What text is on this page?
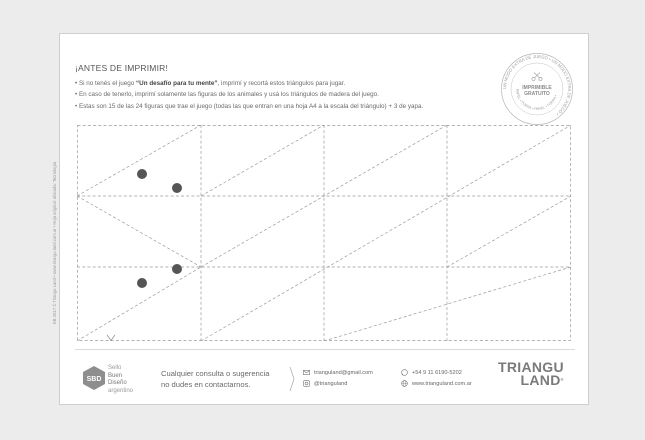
¡ANTES DE IMPRIMIR!
• Si no tenés el juego “Un desafío para tu mente”, imprimí y recortá estos triángulos para jugar.
• En caso de tenerlo, imprimí solamente las figuras de los animales y usá los triángulos de madera del juego.
• Estas son 15 de las 24 figuras que trae el juego (todas las que entran en una hoja A4 a la escala del triángulo) + 3 de yapa.
UN MODO EXTRA DE JUEGO • UN MODO EXTRA DE JUEGO •
PAPEL • TIJERA • PAPEL • TIJERA •
IMPRIMIBLE
GRATUITO
EB 2017 © Triangu Land • www.triangu.land.com.ar • Hoja original: ubicada: Tecnología
SBD
Sello
Buen
Diseño
argentino
Cualquier consulta o sugerencia
no dudes en contactarnos.
trianguland@gmail.com
@trianguland
+54 9 11 6190-5202
www.trianguland.com.ar
TRIANGU
LAND®
